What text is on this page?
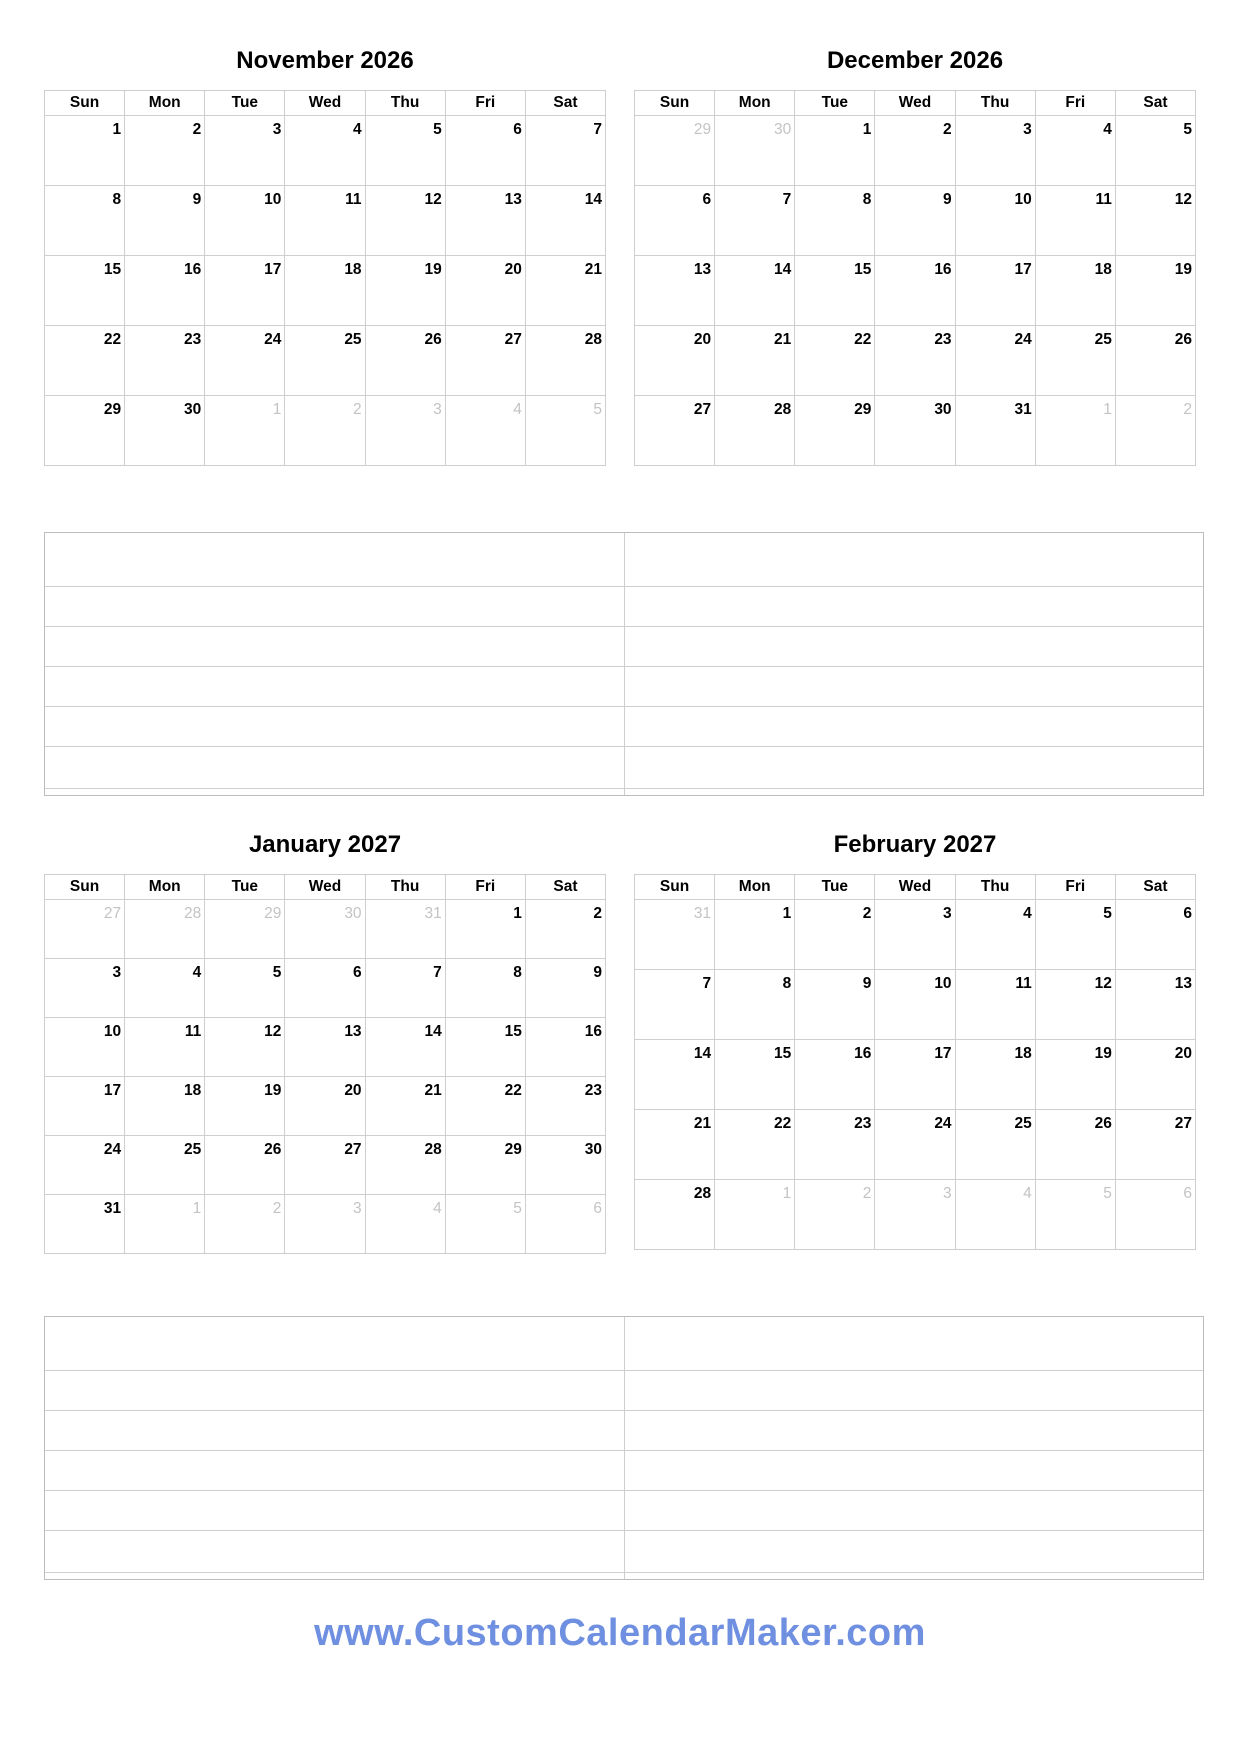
November 2026
Sun	Mon	Tue	Wed	Thu	Fri	Sat

1	2	3	4	5	6	7

8	9	10	11	12	13	14

15	16	17	18	19	20	21

22	23	24	25	26	27	28

29	30	1	2	3	4	5
December 2026
Sun	Mon	Tue	Wed	Thu	Fri	Sat

29	30	1	2	3	4	5

6	7	8	9	10	11	12

13	14	15	16	17	18	19

20	21	22	23	24	25	26

27	28	29	30	31	1	2
January 2027
Sun	Mon	Tue	Wed	Thu	Fri	Sat

27	28	29	30	31	1	2

3	4	5	6	7	8	9

10	11	12	13	14	15	16

17	18	19	20	21	22	23

24	25	26	27	28	29	30

31	1	2	3	4	5	6
February 2027
Sun	Mon	Tue	Wed	Thu	Fri	Sat

31	1	2	3	4	5	6

7	8	9	10	11	12	13

14	15	16	17	18	19	20

21	22	23	24	25	26	27

28	1	2	3	4	5	6
www.CustomCalendarMaker.com
